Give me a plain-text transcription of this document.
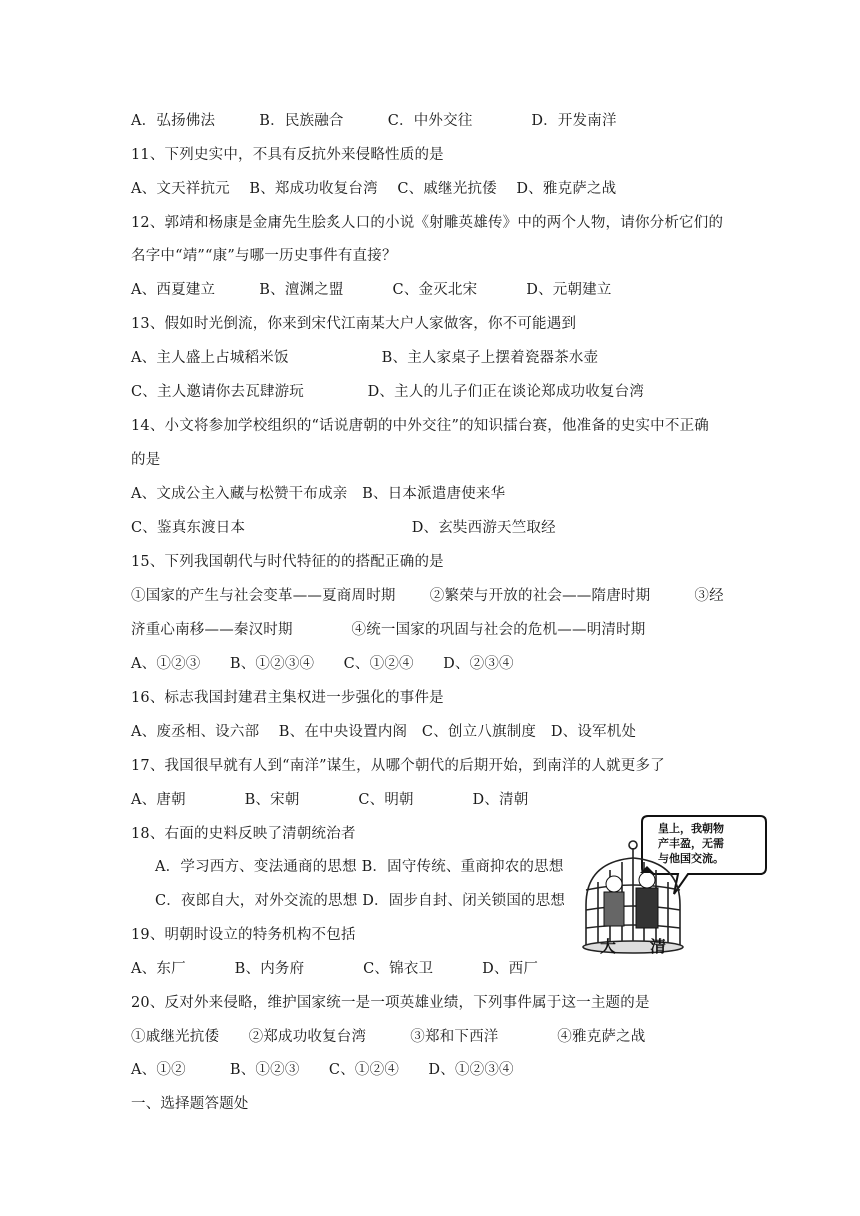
A．弘扬佛法　　　B．民族融合　　　C．中外交往　　　　D．开发南洋
11、下列史实中，不具有反抗外来侵略性质的是
A、文天祥抗元　 B、郑成功收复台湾　 C、戚继光抗倭　 D、雅克萨之战
12、郭靖和杨康是金庸先生脍炙人口的小说《射雕英雄传》中的两个人物，请你分析它们的
名字中“靖”“康”与哪一历史事件有直接？
A、西夏建立　　　B、澶渊之盟　　　 C、金灭北宋　　　 D、元朝建立
13、假如时光倒流，你来到宋代江南某大户人家做客，你不可能遇到
A、主人盛上占城稻米饭　　　　　　 B、主人家桌子上摆着瓷器茶水壶
C、主人邀请你去瓦肆游玩　　　　 D、主人的儿子们正在谈论郑成功收复台湾
14、小文将参加学校组织的“话说唐朝的中外交往”的知识擂台赛，他准备的史实中不正确
的是
A、文成公主入藏与松赞干布成亲　B、日本派遣唐使来华
C、鉴真东渡日本　　　　　　　　　　　 D、玄奘西游天竺取经
15、下列我国朝代与时代特征的的搭配正确的是
①国家的产生与社会变革——夏商周时期　　 ②繁荣与开放的社会——隋唐时期　　　③经
济重心南移——秦汉时期　　　　④统一国家的巩固与社会的危机——明清时期
A、①②③　　B、①②③④　　C、①②④　　D、②③④
16、标志我国封建君主集权进一步强化的事件是
A、废丞相、设六部　 B、在中央设置内阁　C、创立八旗制度　D、设军机处
17、我国很早就有人到“南洋”谋生，从哪个朝代的后期开始，到南洋的人就更多了
A、唐朝　　　　B、宋朝　　　　C、明朝　　　　D、清朝
18、右面的史料反映了清朝统治者
A．学习西方、变法通商的思想 B．固守传统、重商抑农的思想
C．夜郎自大，对外交流的思想 D．固步自封、闭关锁国的思想
19、明朝时设立的特务机构不包括
A、东厂　　　 B、内务府　　　　C、锦衣卫　　　 D、西厂
20、反对外来侵略，维护国家统一是一项英雄业绩，下列事件属于这一主题的是
①戚继光抗倭　　②郑成功收复台湾　　　③郑和下西洋　　　　④雅克萨之战
A、①②　　　B、①②③　　C、①②④　　D、①②③④
一、选择题答题处
皇上，我朝物
产丰盈，无需
与他国交流。
大 清
